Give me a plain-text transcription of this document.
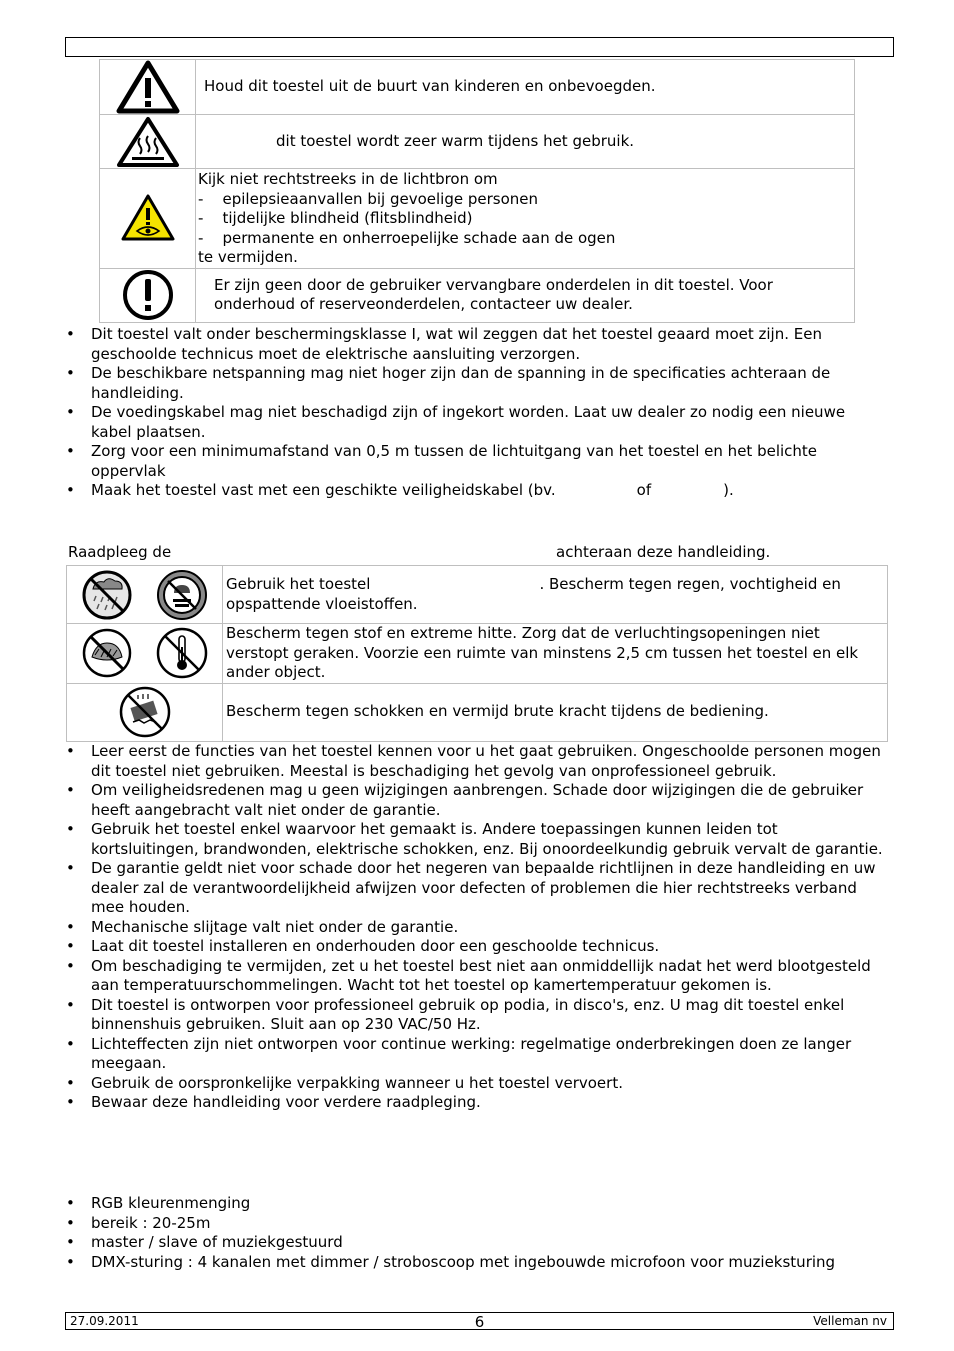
	Houd dit toestel uit de buurt van kinderen en onbevoegden.
	dit toestel wordt zeer warm tijdens het gebruik.

Kijk niet rechtstreeks in de lichtbron om
-    epilepsieaanvallen bij gevoelige personen
-    tijdelijke blindheid (flitsblindheid)
-    permanente en onherroepelijke schade aan de ogen
te vermijden.

	Er zijn geen door de gebruiker vervangbare onderdelen in dit toestel. Voor onderhoud of reserveonderdelen, contacteer uw dealer.
• Dit toestel valt onder beschermingsklasse I, wat wil zeggen dat het toestel geaard moet zijn. Een geschoolde technicus moet de elektrische aansluiting verzorgen.
• De beschikbare netspanning mag niet hoger zijn dan de spanning in de specificaties achteraan de handleiding.
• De voedingskabel mag niet beschadigd zijn of ingekort worden. Laat uw dealer zo nodig een nieuwe kabel plaatsen.
• Zorg voor een minimumafstand van 0,5 m tussen de lichtuitgang van het toestel en het belichte oppervlak
• Maak het toestel vast met een geschikte veiligheidskabel (bv.	of	).
Raadpleeg de	achteraan deze handleiding.
	Gebruik het toestel . Bescherm tegen regen, vochtigheid en opspattende vloeistoffen.
	Bescherm tegen stof en extreme hitte. Zorg dat de verluchtingsopeningen niet verstopt geraken. Voorzie een ruimte van minstens 2,5 cm tussen het toestel en elk ander object.
	Bescherm tegen schokken en vermijd brute kracht tijdens de bediening.
• Leer eerst de functies van het toestel kennen voor u het gaat gebruiken. Ongeschoolde personen mogen dit toestel niet gebruiken. Meestal is beschadiging het gevolg van onprofessioneel gebruik.
• Om veiligheidsredenen mag u geen wijzigingen aanbrengen. Schade door wijzigingen die de gebruiker heeft aangebracht valt niet onder de garantie.
• Gebruik het toestel enkel waarvoor het gemaakt is. Andere toepassingen kunnen leiden tot kortsluitingen, brandwonden, elektrische schokken, enz. Bij onoordeelkundig gebruik vervalt de garantie.
• De garantie geldt niet voor schade door het negeren van bepaalde richtlijnen in deze handleiding en uw dealer zal de verantwoordelijkheid afwijzen voor defecten of problemen die hier rechtstreeks verband mee houden.
• Mechanische slijtage valt niet onder de garantie.
• Laat dit toestel installeren en onderhouden door een geschoolde technicus.
• Om beschadiging te vermijden, zet u het toestel best niet aan onmiddellijk nadat het werd blootgesteld aan temperatuurschommelingen. Wacht tot het toestel op kamertemperatuur gekomen is.
• Dit toestel is ontworpen voor professioneel gebruik op podia, in disco's, enz. U mag dit toestel enkel binnenshuis gebruiken. Sluit aan op 230 VAC/50 Hz.
• Lichteffecten zijn niet ontworpen voor continue werking: regelmatige onderbrekingen doen ze langer meegaan.
• Gebruik de oorspronkelijke verpakking wanneer u het toestel vervoert.
• Bewaar deze handleiding voor verdere raadpleging.
• RGB kleurenmenging
• bereik : 20-25m
• master / slave of muziekgestuurd
• DMX-sturing : 4 kanalen met dimmer / stroboscoop met ingebouwde microfoon voor muzieksturing
27.09.2011	6	Velleman nv
